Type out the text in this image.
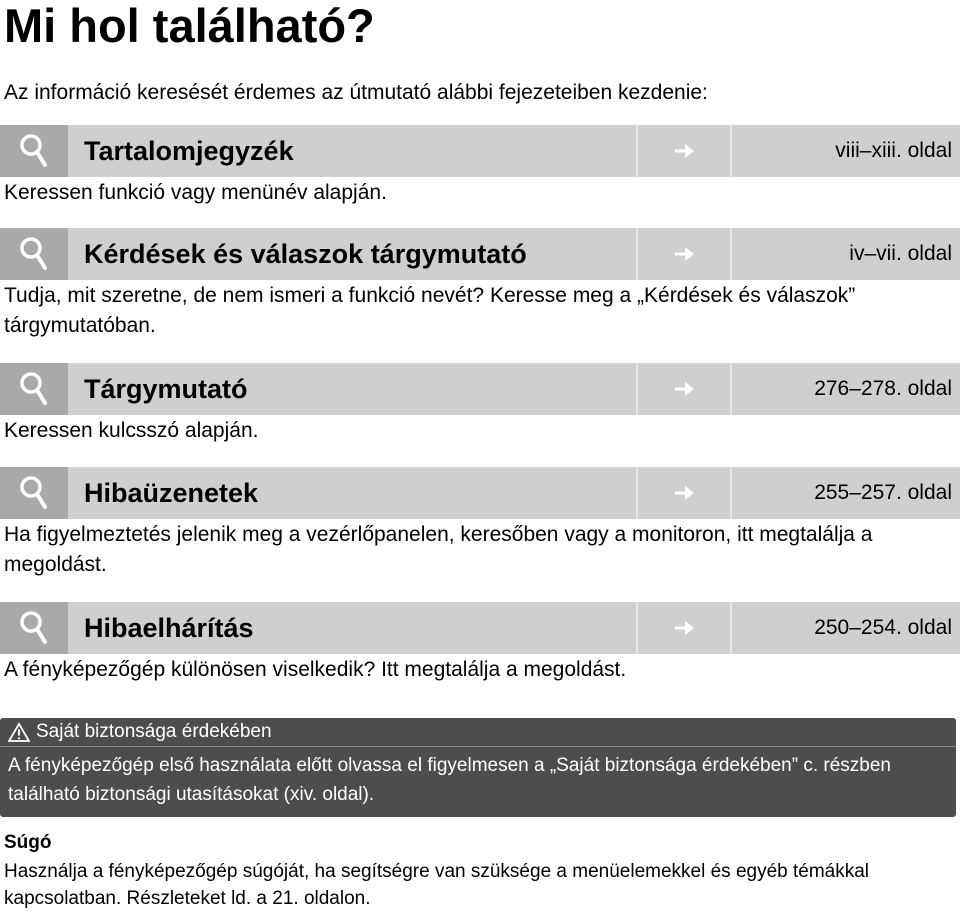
Mi hol található?
Az információ keresését érdemes az útmutató alábbi fejezeteiben kezdenie:
Tartalomjegyzék	viii–xiii. oldal
Keressen funkció vagy menünév alapján.
Kérdések és válaszok tárgymutató	iv–vii. oldal
Tudja, mit szeretne, de nem ismeri a funkció nevét? Keresse meg a „Kérdések és válaszok” tárgymutatóban.
Tárgymutató	276–278. oldal
Keressen kulcsszó alapján.
Hibaüzenetek	255–257. oldal
Ha figyelmeztetés jelenik meg a vezérlőpanelen, keresőben vagy a monitoron, itt megtalálja a megoldást.
Hibaelhárítás	250–254. oldal
A fényképezőgép különösen viselkedik? Itt megtalálja a megoldást.
Saját biztonsága érdekében
A fényképezőgép első használata előtt olvassa el figyelmesen a „Saját biztonsága érdekében” c. részben található biztonsági utasításokat (xiv. oldal).
Súgó
Használja a fényképezőgép súgóját, ha segítségre van szüksége a menüelemekkel és egyéb témákkal kapcsolatban. Részleteket ld. a 21. oldalon.
